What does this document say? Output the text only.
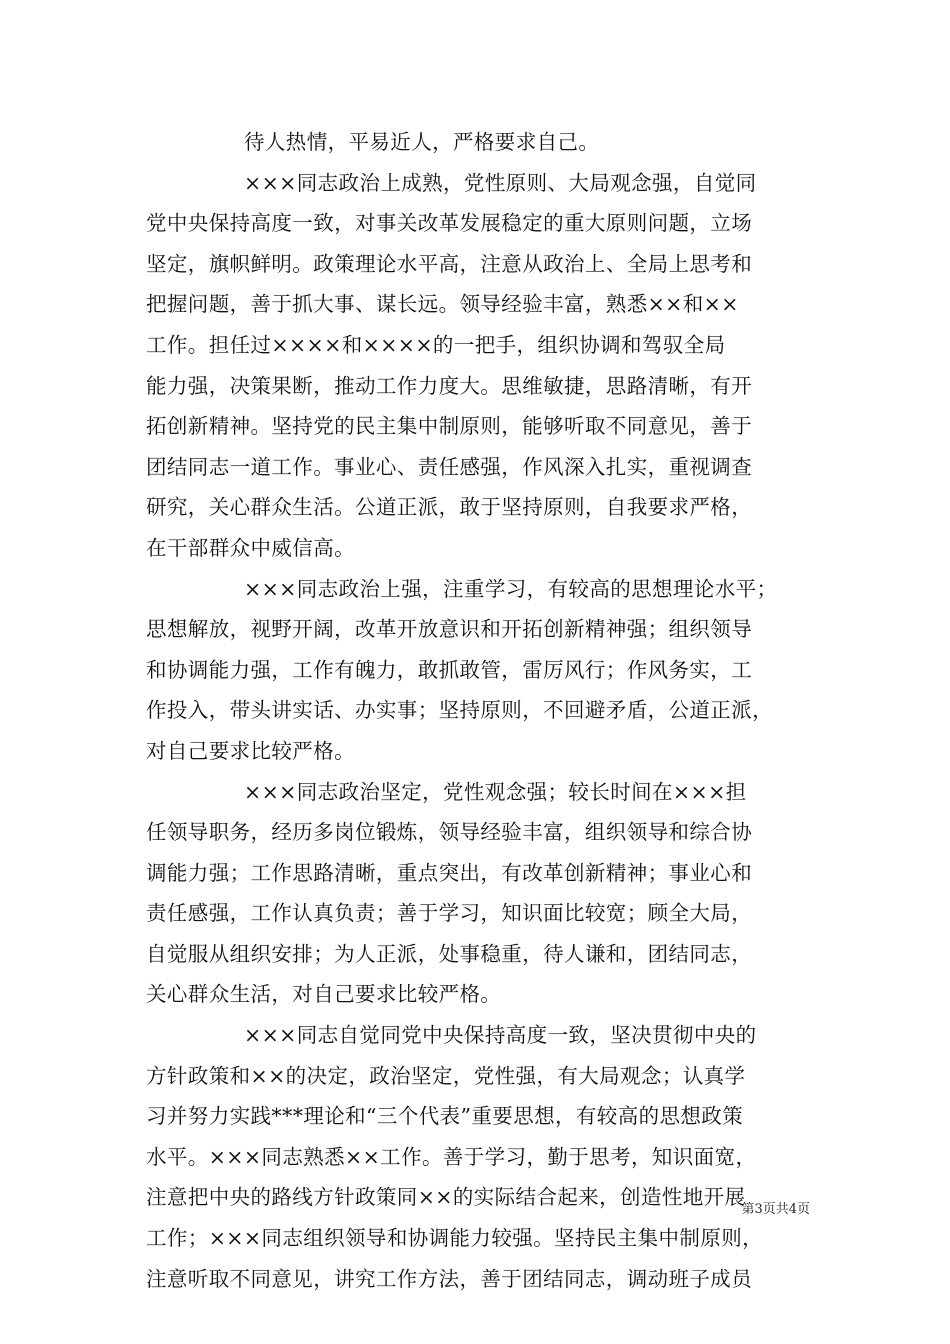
待人热情，平易近人，严格要求自己。
×××同志政治上成熟，党性原则、大局观念强，自觉同
党中央保持高度一致，对事关改革发展稳定的重大原则问题，立场
坚定，旗帜鲜明。政策理论水平高，注意从政治上、全局上思考和
把握问题，善于抓大事、谋长远。领导经验丰富，熟悉××和××
工作。担任过××××和××××的一把手，组织协调和驾驭全局
能力强，决策果断，推动工作力度大。思维敏捷，思路清晰，有开
拓创新精神。坚持党的民主集中制原则，能够听取不同意见，善于
团结同志一道工作。事业心、责任感强，作风深入扎实，重视调查
研究，关心群众生活。公道正派，敢于坚持原则，自我要求严格，
在干部群众中威信高。
×××同志政治上强，注重学习，有较高的思想理论水平；
思想解放，视野开阔，改革开放意识和开拓创新精神强；组织领导
和协调能力强，工作有魄力，敢抓敢管，雷厉风行；作风务实，工
作投入，带头讲实话、办实事；坚持原则，不回避矛盾，公道正派，
对自己要求比较严格。
×××同志政治坚定，党性观念强；较长时间在×××担
任领导职务，经历多岗位锻炼，领导经验丰富，组织领导和综合协
调能力强；工作思路清晰，重点突出，有改革创新精神；事业心和
责任感强，工作认真负责；善于学习，知识面比较宽；顾全大局，
自觉服从组织安排；为人正派，处事稳重，待人谦和，团结同志，
关心群众生活，对自己要求比较严格。
×××同志自觉同党中央保持高度一致，坚决贯彻中央的
方针政策和××的决定，政治坚定，党性强，有大局观念；认真学
习并努力实践***理论和“三个代表”重要思想，有较高的思想政策
水平。×××同志熟悉××工作。善于学习，勤于思考，知识面宽，
注意把中央的路线方针政策同××的实际结合起来，创造性地开展
工作；×××同志组织领导和协调能力较强。坚持民主集中制原则，
注意听取不同意见，讲究工作方法，善于团结同志，调动班子成员
第3页共4页
